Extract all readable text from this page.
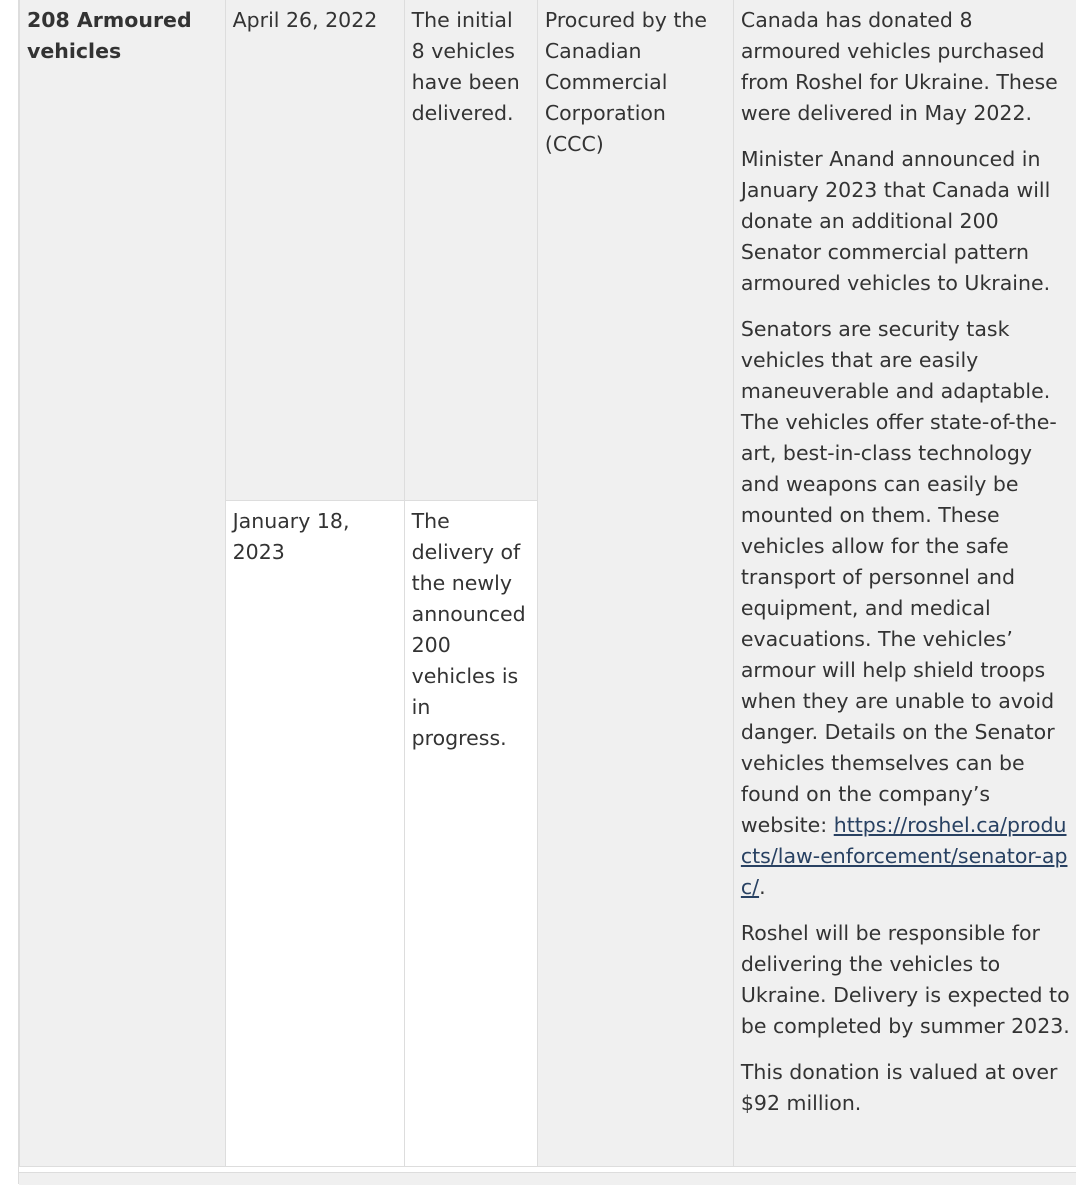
208 Armoured vehicles	April 26, 2022	The initial 8 vehicles have been delivered.	Procured by the Canadian Commercial Corporation (CCC)	Canada has donated 8 armoured vehicles purchased from Roshel for Ukraine. These were delivered in May 2022.

Minister Anand announced in January 2023 that Canada will donate an additional 200 Senator commercial pattern armoured vehicles to Ukraine.

Senators are security task vehicles that are easily maneuverable and adaptable. The vehicles offer state-of-the-art, best-in-class technology and weapons can easily be mounted on them. These vehicles allow for the safe transport of personnel and equipment, and medical evacuations. The vehicles’ armour will help shield troops when they are unable to avoid danger. Details on the Senator vehicles themselves can be found on the company’s website: https://roshel.ca/products/law-enforcement/senator-apc/.

Roshel will be responsible for delivering the vehicles to Ukraine. Delivery is expected to be completed by summer 2023.

This donation is valued at over $92 million.

	January 18, 2023	The delivery of the newly announced 200 vehicles is in progress.		
